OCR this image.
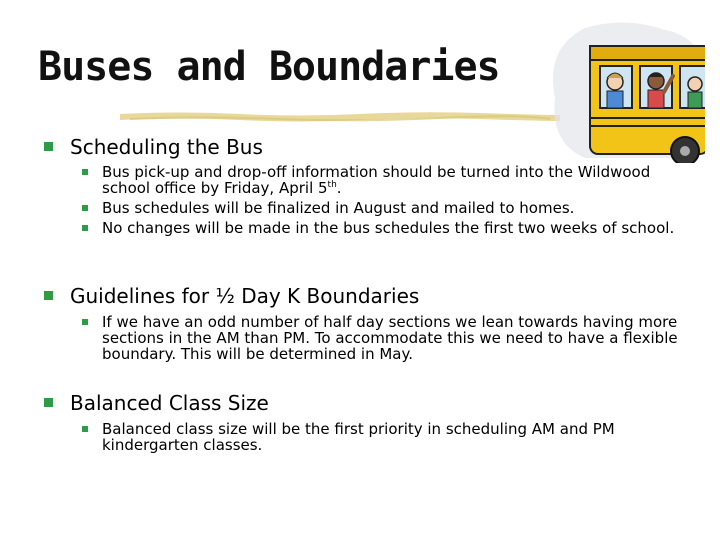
Buses and Boundaries
Scheduling the Bus
Bus pick-up and drop-off information should be turned into the Wildwood school office by Friday, April 5th.
Bus schedules will be finalized in August and mailed to homes.
No changes will be made in the bus schedules the first two weeks of school.
Guidelines for ½ Day K Boundaries
If we have an odd number of half day sections we lean towards having more sections in the AM than PM. To accommodate this we need to have a flexible boundary. This will be determined in May.
Balanced Class Size
Balanced class size will be the first priority in scheduling AM and PM kindergarten classes.
